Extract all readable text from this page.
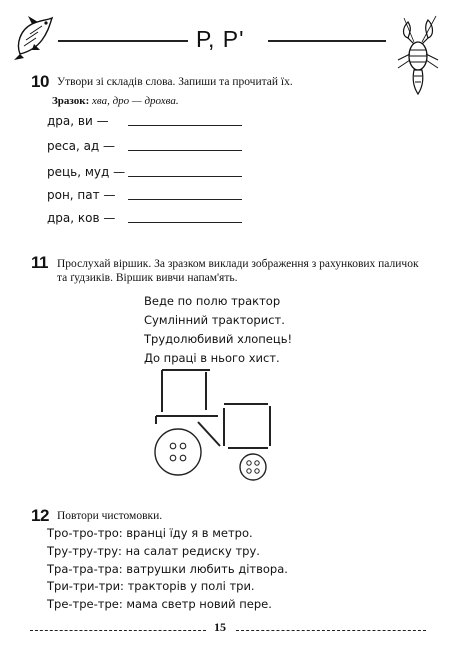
Р, Р'
10 Утвори зі складів слова. Запиши та прочитай їх.
Зразок: хва, дро — дрохва.
дра, ви —
реса, ад —
рець, муд —
рон, пат —
дра, ков —
11 Прослухай віршик. За зразком виклади зображення з рахункових паличок
та ґудзиків. Віршик вивчи напам'ять.
Веде по полю трактор
Сумлінний тракторист.
Трудолюбивий хлопець!
До праці в нього хист.
12 Повтори чистомовки.
Тро-тро-тро: вранці їду я в метро.
Тру-тру-тру: на салат редиску тру.
Тра-тра-тра: ватрушки любить дітвора.
Три-три-три: тракторів у полі три.
Тре-тре-тре: мама светр новий пере.
15
